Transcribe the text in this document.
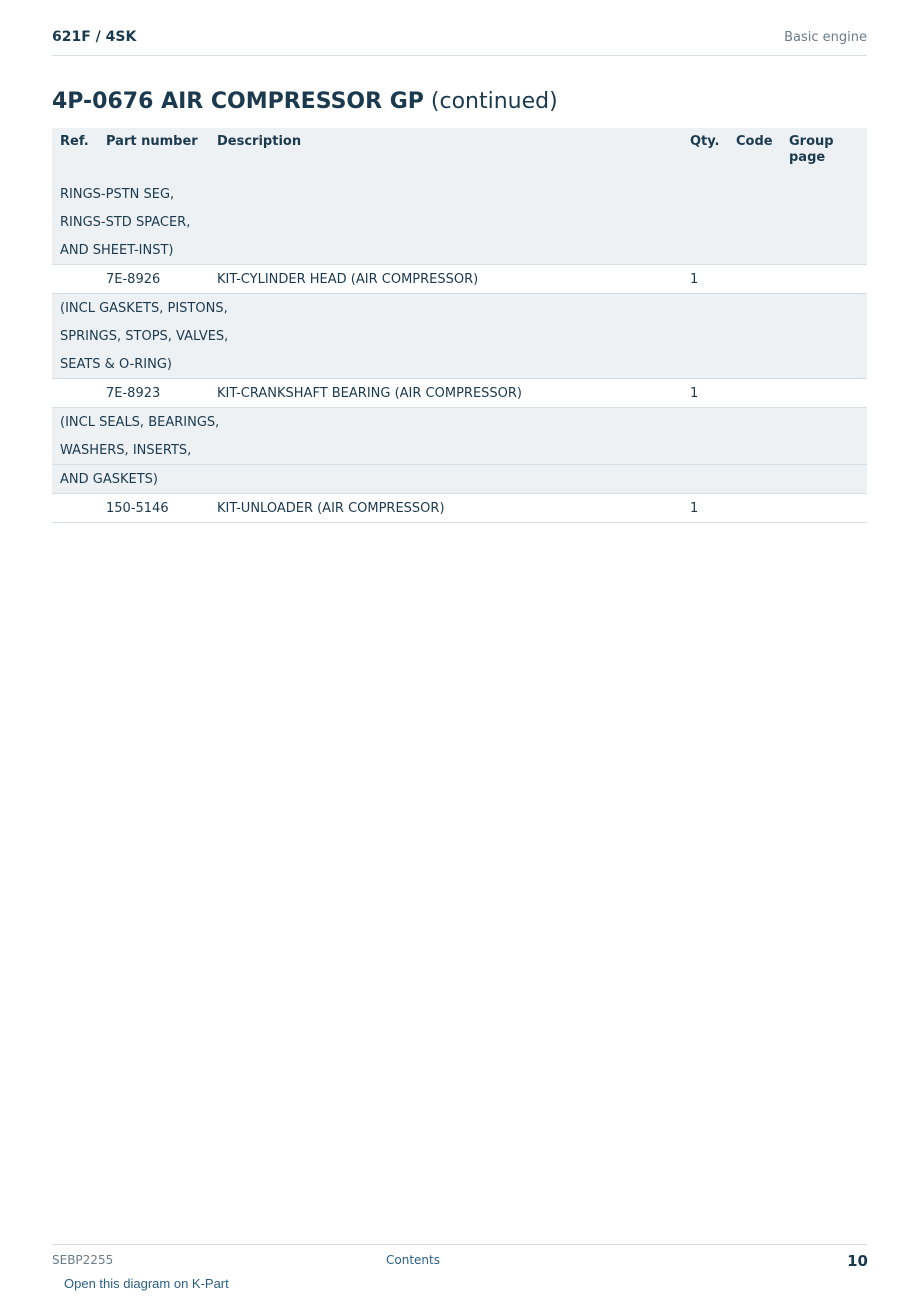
621F / 4SK	Basic engine
4P-0676 AIR COMPRESSOR GP (continued)
Ref.	Part number	Description	Qty.	Code	Group
page
RINGS-PSTN SEG,					
RINGS-STD SPACER,					
AND SHEET-INST)					
	7E-8926	KIT-CYLINDER HEAD (AIR COMPRESSOR)	1		
(INCL GASKETS, PISTONS,					
SPRINGS, STOPS, VALVES,					
SEATS & O-RING)					
	7E-8923	KIT-CRANKSHAFT BEARING (AIR COMPRESSOR)	1		
(INCL SEALS, BEARINGS,					
WASHERS, INSERTS,					
AND GASKETS)					
	150-5146	KIT-UNLOADER (AIR COMPRESSOR)	1		
SEBP2255	Contents	10
Open this diagram on K-Part
